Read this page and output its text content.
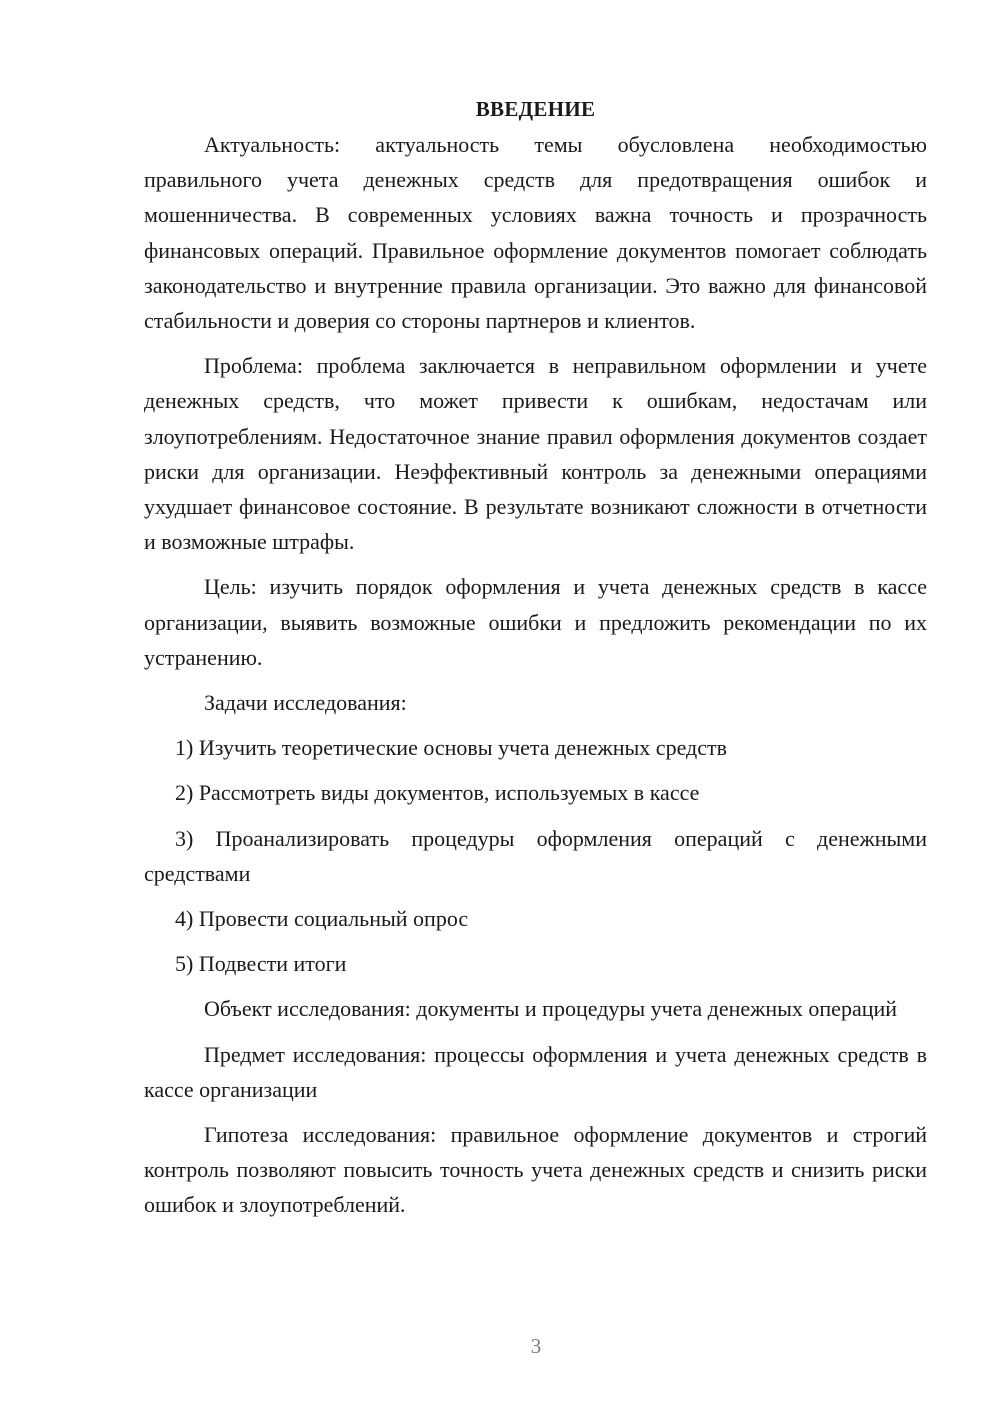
ВВЕДЕНИЕ

Актуальность: актуальность темы обусловлена необходимостью правильного учета денежных средств для предотвращения ошибок и мошенничества. В современных условиях важна точность и прозрачность финансовых операций. Правильное оформление документов помогает соблюдать законодательство и внутренние правила организации. Это важно для финансовой стабильности и доверия со стороны партнеров и клиентов.

Проблема: проблема заключается в неправильном оформлении и учете денежных средств, что может привести к ошибкам, недостачам или злоупотреблениям. Недостаточное знание правил оформления документов создает риски для организации. Неэффективный контроль за денежными операциями ухудшает финансовое состояние. В результате возникают сложности в отчетности и возможные штрафы.

Цель: изучить порядок оформления и учета денежных средств в кассе организации, выявить возможные ошибки и предложить рекомендации по их устранению.

Задачи исследования:

1) Изучить теоретические основы учета денежных средств

2) Рассмотреть виды документов, используемых в кассе

3) Проанализировать процедуры оформления операций с денежными средствами

4) Провести социальный опрос

5) Подвести итоги

Объект исследования: документы и процедуры учета денежных операций

Предмет исследования: процессы оформления и учета денежных средств в кассе организации

Гипотеза исследования: правильное оформление документов и строгий контроль позволяют повысить точность учета денежных средств и снизить риски ошибок и злоупотреблений.

3
